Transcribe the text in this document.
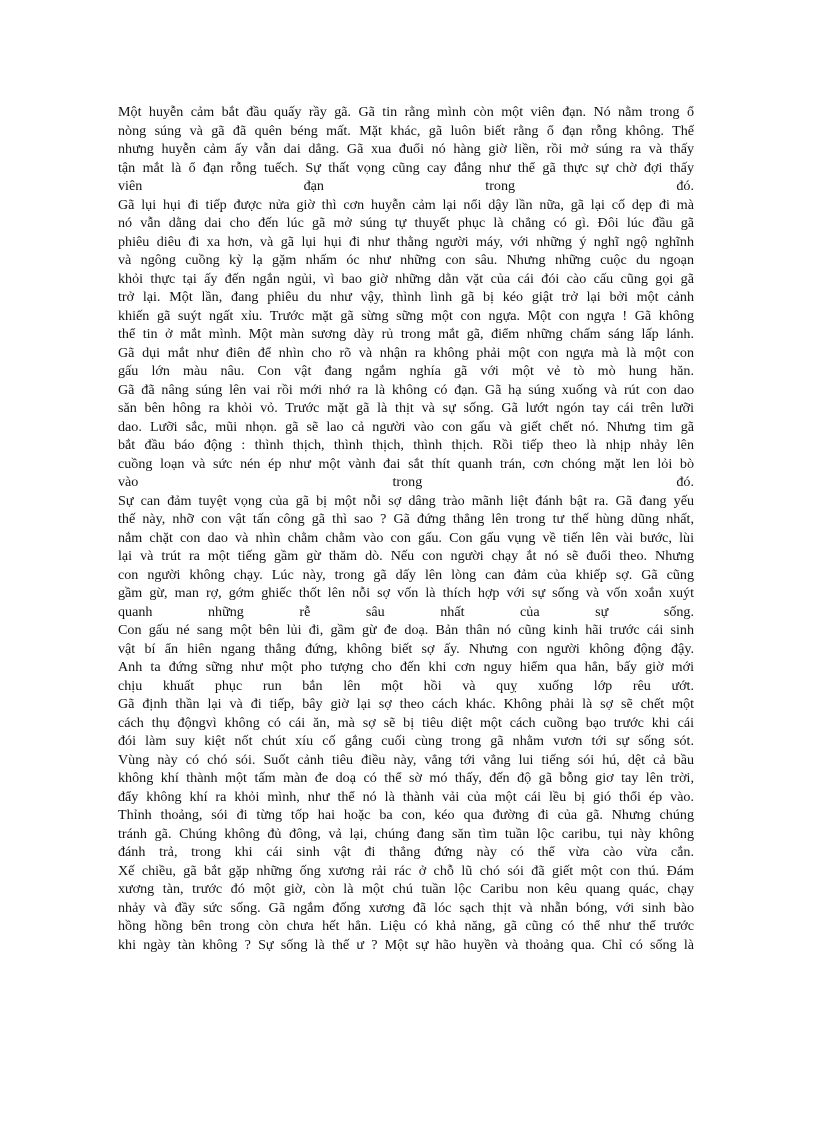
Một huyễn cảm bắt đầu quấy rầy gã. Gã tin rằng mình còn một viên đạn. Nó nằm trong ổ
nòng súng và gã đã quên béng mất. Mặt khác, gã luôn biết rằng ổ đạn rỗng không. Thế
nhưng huyễn cảm ấy vẫn dai dẳng. Gã xua đuổi nó hàng giờ liền, rồi mở súng ra và thấy
tận mắt là ổ đạn rỗng tuếch. Sự thất vọng cũng cay đắng như thể gã thực sự chờ đợi thấy
viên đạn trong đó.
Gã lụi hụi đi tiếp được nửa giờ thì cơn huyễn cảm lại nổi dậy lần nữa, gã lại cố dẹp đi mà
nó vẫn dằng dai cho đến lúc gã mở súng tự thuyết phục là chẳng có gì. Đôi lúc đầu gã
phiêu diêu đi xa hơn, và gã lụi hụi đi như thằng người máy, với những ý nghĩ ngộ nghĩnh
và ngông cuồng kỳ lạ gặm nhấm óc như những con sâu. Nhưng những cuộc du ngoạn
khỏi thực tại ấy đến ngắn ngủi, vì bao giờ những dằn vặt của cái đói cào cấu cũng gọi gã
trở lại. Một lần, đang phiêu du như vậy, thình lình gã bị kéo giật trở lại bởi một cảnh
khiến gã suýt ngất xỉu. Trước mặt gã sừng sững một con ngựa. Một con ngựa ! Gã không
thể tin ở mắt mình. Một màn sương dày rủ trong mắt gã, điểm những chấm sáng lấp lánh.
Gã dụi mắt như điên để nhìn cho rõ và nhận ra không phải một con ngựa mà là một con
gấu lớn màu nâu. Con vật đang ngắm nghía gã với một vẻ tò mò hung hăn.
Gã đã nâng súng lên vai rồi mới nhớ ra là không có đạn. Gã hạ súng xuống và rút con dao
săn bên hông ra khỏi vỏ. Trước mặt gã là thịt và sự sống. Gã lướt ngón tay cái trên lưỡi
dao. Lưỡi sắc, mũi nhọn. gã sẽ lao cả người vào con gấu và giết chết nó. Nhưng tim gã
bắt đầu báo động : thình thịch, thình thịch, thình thịch. Rồi tiếp theo là nhịp nhảy lên
cuồng loạn và sức nén ép như một vành đai sắt thít quanh trán, cơn chóng mặt len lỏi bò
vào trong đó.
Sự can đảm tuyệt vọng của gã bị một nỗi sợ dâng trào mãnh liệt đánh bật ra. Gã đang yếu
thế này, nhỡ con vật tấn công gã thì sao ? Gã đứng thẳng lên trong tư thế hùng dũng nhất,
nắm chặt con dao và nhìn chằm chằm vào con gấu. Con gấu vụng về tiến lên vài bước, lùi
lại và trút ra một tiếng gầm gừ thăm dò. Nếu con người chạy ắt nó sẽ đuổi theo. Nhưng
con người không chạy. Lúc này, trong gã dấy lên lòng can đảm của khiếp sợ. Gã cũng
gầm gừ, man rợ, gớm ghiếc thốt lên nỗi sợ vốn là thích hợp với sự sống và vốn xoắn xuýt
quanh những rễ sâu nhất của sự sống.
Con gấu né sang một bên lủi đi, gầm gừ đe doạ. Bản thân nó cũng kinh hãi trước cái sinh
vật bí ẩn hiên ngang thẳng đứng, không biết sợ ấy. Nhưng con người không động đậy.
Anh ta đứng sững như một pho tượng cho đến khi cơn nguy hiểm qua hẳn, bấy giờ mới
chịu khuất phục run bắn lên một hồi và quỵ xuống lớp rêu ướt.
Gã định thần lại và đi tiếp, bây giờ lại sợ theo cách khác. Không phải là sợ sẽ chết một
cách thụ độngvì không có cái ăn, mà sợ sẽ bị tiêu diệt một cách cuồng bạo trước khi cái
đói làm suy kiệt nốt chút xíu cố gắng cuối cùng trong gã nhằm vươn tới sự sống sót.
Vùng này có chó sói. Suốt cảnh tiêu điều này, vẳng tới vẳng lui tiếng sói hú, dệt cả bầu
không khí thành một tấm màn đe doạ có thể sờ mó thấy, đến độ gã bỗng giơ tay lên trời,
đẩy không khí ra khỏi mình, như thể nó là thành vải của một cái lều bị gió thổi ép vào.
Thỉnh thoảng, sói đi từng tốp hai hoặc ba con, kéo qua đường đi của gã. Nhưng chúng
tránh gã. Chúng không đủ đông, vả lại, chúng đang săn tìm tuần lộc caribu, tụi này không
đánh trả, trong khi cái sinh vật đi thẳng đứng này có thể vừa cào vừa cắn.
Xế chiều, gã bắt gặp những ống xương rải rác ở chỗ lũ chó sói đã giết một con thú. Đám
xương tàn, trước đó một giờ, còn là một chú tuần lộc Caribu non kêu quang quác, chạy
nhảy và đầy sức sống. Gã ngắm đống xương đã lóc sạch thịt và nhẵn bóng, với sinh bào
hồng hồng bên trong còn chưa hết hẳn. Liệu có khả năng, gã cũng có thể như thể trước
khi ngày tàn không ? Sự sống là thế ư ? Một sự hão huyền và thoảng qua. Chỉ có sống là
